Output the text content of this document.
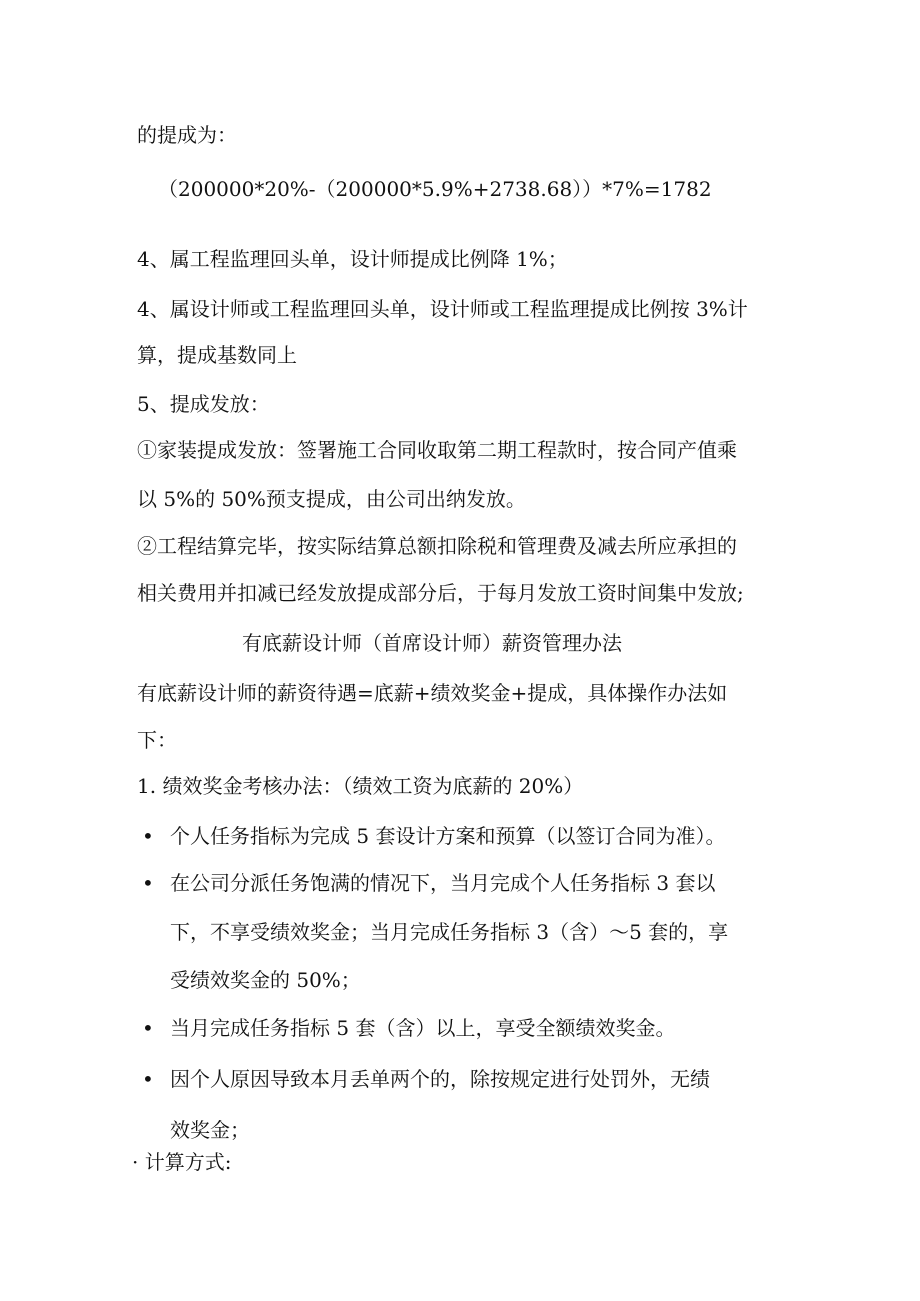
的提成为：
（200000*20%-（200000*5.9%+2738.68））*7%=1782
4、属工程监理回头单，设计师提成比例降 1%；
4、属设计师或工程监理回头单，设计师或工程监理提成比例按 3%计
算，提成基数同上
5、提成发放：
①家装提成发放：签署施工合同收取第二期工程款时，按合同产值乘
以 5%的 50%预支提成，由公司出纳发放。
②工程结算完毕，按实际结算总额扣除税和管理费及减去所应承担的
相关费用并扣减已经发放提成部分后，于每月发放工资时间集中发放;
有底薪设计师（首席设计师）薪资管理办法
有底薪设计师的薪资待遇=底薪+绩效奖金+提成，具体操作办法如
下：
1. 绩效奖金考核办法：（绩效工资为底薪的 20%）
• 个人任务指标为完成 5 套设计方案和预算（以签订合同为准）。
• 在公司分派任务饱满的情况下，当月完成个人任务指标 3 套以
下，不享受绩效奖金；当月完成任务指标 3（含）～5 套的，享
受绩效奖金的 50%；
• 当月完成任务指标 5 套（含）以上，享受全额绩效奖金。
• 因个人原因导致本月丢单两个的，除按规定进行处罚外，无绩
效奖金；
· 计算方式:
